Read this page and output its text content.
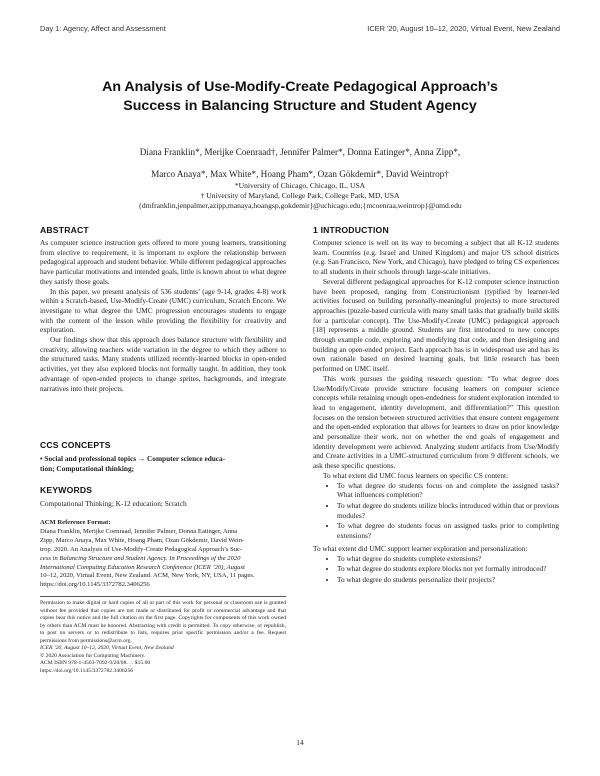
Day 1: Agency, Affect and Assessment	ICER '20, August 10–12, 2020, Virtual Event, New Zealand
An Analysis of Use-Modify-Create Pedagogical Approach’s
Success in Balancing Structure and Student Agency
Diana Franklin*, Merijke Coenraad†, Jennifer Palmer*, Donna Eatinger*, Anna Zipp*,
Marco Anaya*, Max White*, Hoang Pham*, Ozan Gökdemir*, David Weintrop†
*University of Chicago, Chicago, IL, USA
† University of Maryland, College Park, College Park, MD, USA
{dmfranklin,jenpalmer,azipp,manaya,hoangsp,gokdemir}@uchicago.edu;{mcoenraa,weintrop}@umd.edu
ABSTRACT

As computer science instruction gets offered to more young learners, transitioning from elective to requirement, it is important to explore the relationship between pedagogical approach and student behavior. While different pedagogical approaches have particular motivations and intended goals, little is known about to what degree they satisfy those goals.

In this paper, we present analysis of 536 students’ (age 9-14, grades 4-8) work within a Scratch-based, Use-Modify-Create (UMC) curriculum, Scratch Encore. We investigate to what degree the UMC progression encourages students to engage with the content of the lesson while providing the flexibility for creativity and exploration.

Our findings show that this approach does balance structure with flexibility and creativity, allowing teachers wide variation in the degree to which they adhere to the structured tasks. Many students utilized recently-learned blocks in open-ended activities, yet they also explored blocks not formally taught. In addition, they took advantage of open-ended projects to change sprites, backgrounds, and integrate narratives into their projects.

CCS CONCEPTS
• Social and professional topics → Computer science educa-
tion; Computational thinking;
KEYWORDS
Computational Thinking; K-12 education; Scratch
ACM Reference Format:
Diana Franklin, Merijke Coenraad, Jennifer Palmer, Donna Eatinger, Anna
Zipp, Marco Anaya, Max White, Hoang Pham, Ozan Gökdemir, David Wein-
trop. 2020. An Analysis of Use-Modify-Create Pedagogical Approach’s Suc-
cess in Balancing Structure and Student Agency. In Proceedings of the 2020
International Computing Education Research Conference (ICER ’20), August
10–12, 2020, Virtual Event, New Zealand. ACM, New York, NY, USA, 11 pages.
https://doi.org/10.1145/3372782.3406256
Permission to make digital or hard copies of all or part of this work for personal or classroom use is granted without fee provided that copies are not made or distributed for profit or commercial advantage and that copies bear this notice and the full citation on the first page. Copyrights for components of this work owned by others than ACM must be honored. Abstracting with credit is permitted. To copy otherwise, or republish, to post on servers or to redistribute to lists, requires prior specific permission and/or a fee. Request permissions from permissions@acm.org.
ICER ’20, August 10–12, 2020, Virtual Event, New Zealand
© 2020 Association for Computing Machinery.
ACM ISBN 978-1-4503-7092-9/20/08. . . $15.00
https://doi.org/10.1145/3372782.3406256
1 INTRODUCTION

Computer science is well on its way to becoming a subject that all K-12 students learn. Countries (e.g. Israel and United Kingdom) and major US school districts (e.g. San Francisco, New York, and Chicago), have pledged to bring CS experiences to all students in their schools through large-scale initiatives.

Several different pedagogical approaches for K-12 computer science instruction have been proposed, ranging from Constructionism (typified by learner-led activities focused on building personally-meaningful projects) to more structured approaches (puzzle-based curricula with many small tasks that gradually build skills for a particular concept). The Use-Modify-Create (UMC) pedagogical approach [18] represents a middle ground. Students are first introduced to new concepts through example code, exploring and modifying that code, and then designing and building an open-ended project. Each approach has is in widespread use and has its own rationale based on desired learning goals, but little research has been performed on UMC itself.

This work pursues the guiding research question: “To what degree does Use/Modify/Create provide structure focusing learners on computer science concepts while retaining enough open-endedness for student exploration intended to lead to engagement, identity development, and differentiation?” This question focuses on the tension between structured activities that ensure content engagement and the open-ended exploration that allows for learners to draw on prior knowledge and personalize their work, not on whether the end goals of engagement and identity development were achieved. Analyzing student artifacts from Use/Modify and Create activities in a UMC-structured curriculum from 9 different schools, we ask these specific questions.

To what extent did UMC focus learners on specific CS content:

• To what degree do students focus on and complete the assigned tasks? What influences completion?
• To what degree do students utilize blocks introduced within that or previous modules?
• To what degree do students focus on assigned tasks prior to completing extensions?

To what extent did UMC support learner exploration and personalization:

• To what degree do students complete extensions?
• To what degree do students explore blocks not yet formally introduced?
• To what degree do students personalize their projects?
14
